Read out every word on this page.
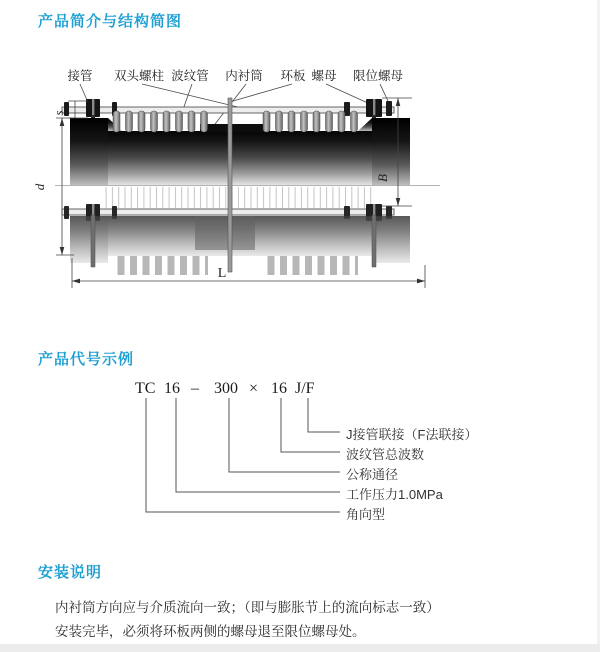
产品简介与结构简图
接管 双头螺柱 波纹管 内衬筒 环板 螺母 限位螺母
s
d
B
L
产品代号示例
TC 16 – 300 × 16 J/F
J接管联接（F法联接）
波纹管总波数
公称通径
工作压力1.0MPa
角向型
安装说明
内衬筒方向应与介质流向一致；（即与膨胀节上的流向标志一致）
安装完毕，必须将环板两侧的螺母退至限位螺母处。
